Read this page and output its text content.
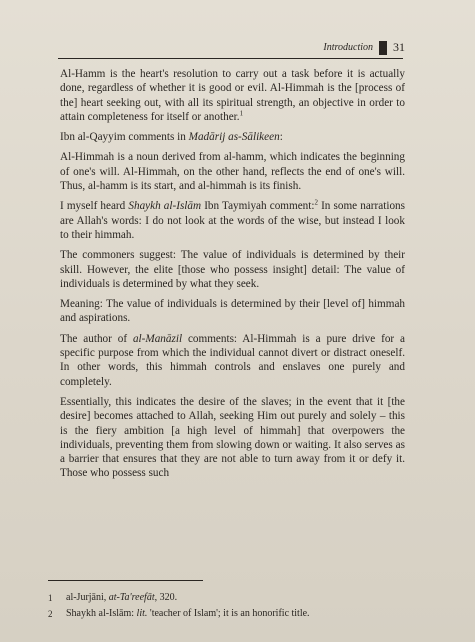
Introduction 31

Al-Hamm is the heart's resolution to carry out a task before it is actually done, regardless of whether it is good or evil. Al-Himmah is the [process of the] heart seeking out, with all its spiritual strength, an objective in order to attain completeness for itself or another.$^1$

Ibn al-Qayyim comments in Madārij as-Sālikeen:

Al-Himmah is a noun derived from al-hamm, which indicates the beginning of one's will. Al-Himmah, on the other hand, reflects the end of one's will. Thus, al-hamm is its start, and al-himmah is its finish.

I myself heard Shaykh al-Islām Ibn Taymiyah comment:$^2$ In some narrations are Allah's words: I do not look at the words of the wise, but instead I look to their himmah.

The commoners suggest: The value of individuals is determined by their skill. However, the elite [those who possess insight] detail: The value of individuals is determined by what they seek.

Meaning: The value of individuals is determined by their [level of] himmah and aspirations.

The author of al-Manāzil comments: Al-Himmah is a pure drive for a specific purpose from which the individual cannot divert or distract oneself. In other words, this himmah controls and enslaves one purely and completely.

Essentially, this indicates the desire of the slaves; in the event that it [the desire] becomes attached to Allah, seeking Him out purely and solely – this is the fiery ambition [a high level of himmah] that overpowers the individuals, preventing them from slowing down or waiting. It also serves as a barrier that ensures that they are not able to turn away from it or defy it. Those who possess such

1	al-Jurjāni, at-Ta'reefāt, 320.
2	Shaykh al-Islām: lit. 'teacher of Islam'; it is an honorific title.
